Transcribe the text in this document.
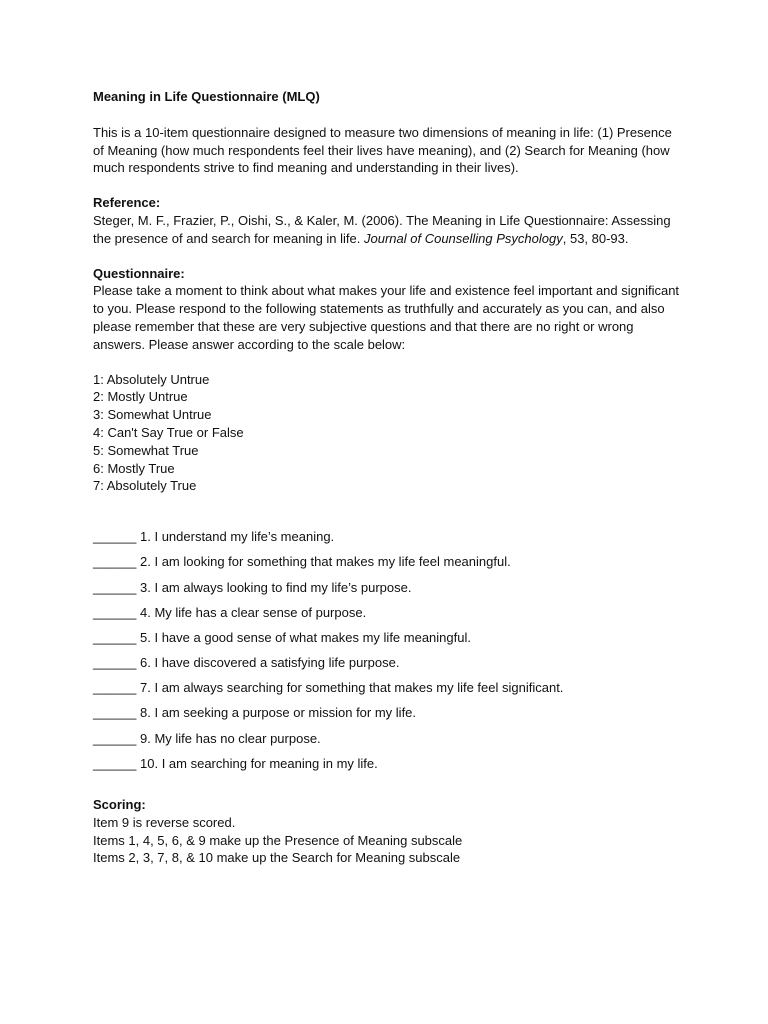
Meaning in Life Questionnaire (MLQ)

This is a 10-item questionnaire designed to measure two dimensions of meaning in life: (1) Presence of Meaning (how much respondents feel their lives have meaning), and (2) Search for Meaning (how much respondents strive to find meaning and understanding in their lives).

Reference:

Steger, M. F., Frazier, P., Oishi, S., & Kaler, M. (2006). The Meaning in Life Questionnaire: Assessing the presence of and search for meaning in life. Journal of Counselling Psychology, 53, 80-93.

Questionnaire:

Please take a moment to think about what makes your life and existence feel important and significant to you. Please respond to the following statements as truthfully and accurately as you can, and also please remember that these are very subjective questions and that there are no right or wrong answers. Please answer according to the scale below:

1: Absolutely Untrue
2: Mostly Untrue
3: Somewhat Untrue
4: Can't Say True or False
5: Somewhat True
6: Mostly True
7: Absolutely True
______ 1. I understand my life’s meaning.
______ 2. I am looking for something that makes my life feel meaningful.
______ 3. I am always looking to find my life’s purpose.
______ 4. My life has a clear sense of purpose.
______ 5. I have a good sense of what makes my life meaningful.
______ 6. I have discovered a satisfying life purpose.
______ 7. I am always searching for something that makes my life feel significant.
______ 8. I am seeking a purpose or mission for my life.
______ 9. My life has no clear purpose.
______ 10. I am searching for meaning in my life.

Scoring:

Item 9 is reverse scored.

Items 1, 4, 5, 6, & 9 make up the Presence of Meaning subscale

Items 2, 3, 7, 8, & 10 make up the Search for Meaning subscale
